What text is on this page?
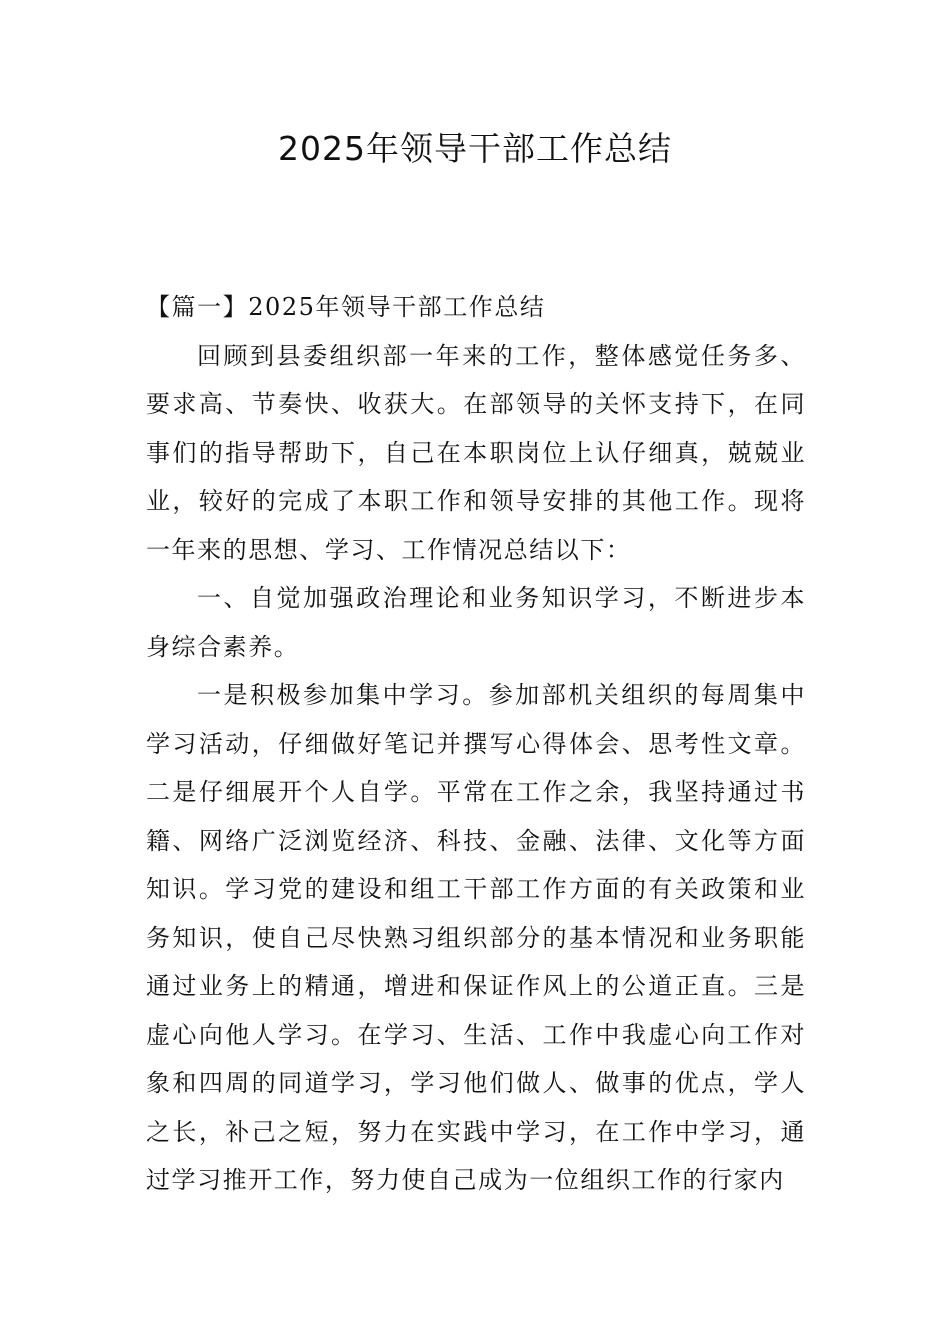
2025年领导干部工作总结

【篇一】2025年领导干部工作总结

回顾到县委组织部一年来的工作，整体感觉任务多、要求高、节奏快、收获大。在部领导的关怀支持下，在同事们的指导帮助下，自己在本职岗位上认仔细真，兢兢业业，较好的完成了本职工作和领导安排的其他工作。现将一年来的思想、学习、工作情况总结以下：

一、自觉加强政治理论和业务知识学习，不断进步本身综合素养。

一是积极参加集中学习。参加部机关组织的每周集中学习活动，仔细做好笔记并撰写心得体会、思考性文章。二是仔细展开个人自学。平常在工作之余，我坚持通过书籍、网络广泛浏览经济、科技、金融、法律、文化等方面知识。学习党的建设和组工干部工作方面的有关政策和业务知识，使自己尽快熟习组织部分的基本情况和业务职能通过业务上的精通，增进和保证作风上的公道正直。三是虚心向他人学习。在学习、生活、工作中我虚心向工作对象和四周的同道学习，学习他们做人、做事的优点，学人之长，补己之短，努力在实践中学习，在工作中学习，通过学习推开工作，努力使自己成为一位组织工作的行家内
